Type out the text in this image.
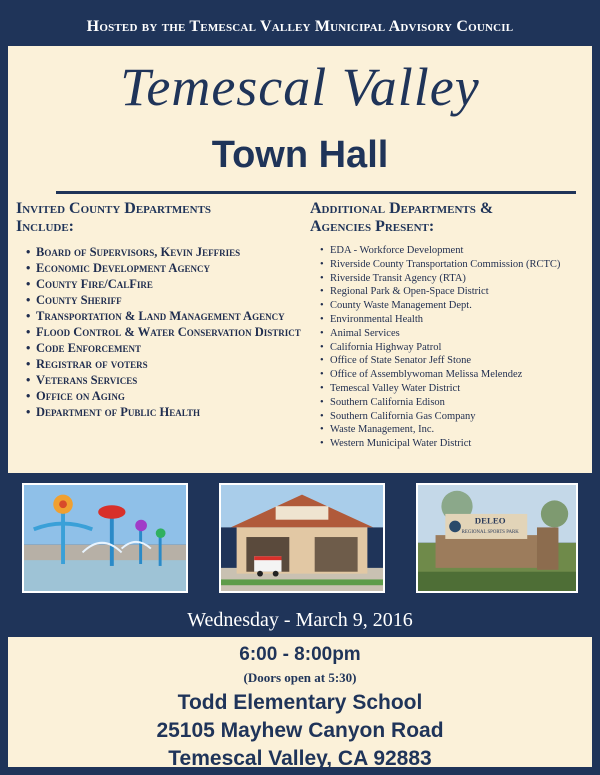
Hosted by the Temescal Valley Municipal Advisory Council
Temescal Valley
Town Hall
Invited County Departments
Include:
• Board of Supervisors, Kevin Jeffries
• Economic Development Agency
• County Fire/CalFire
• County Sheriff
• Transportation & Land Management Agency
• Flood Control & Water Conservation District
• Code Enforcement
• Registrar of voters
• Veterans Services
• Office on Aging
• Department of Public Health
Additional Departments &
Agencies Present:
• EDA - Workforce Development
• Riverside County Transportation Commission (RCTC)
• Riverside Transit Agency (RTA)
• Regional Park & Open-Space District
• County Waste Management Dept.
• Environmental Health
• Animal Services
• California Highway Patrol
• Office of State Senator Jeff Stone
• Office of Assemblywoman Melissa Melendez
• Temescal Valley Water District
• Southern California Edison
• Southern California Gas Company
• Waste Management, Inc.
• Western Municipal Water District
DELEO
REGIONAL SPORTS PARK
Wednesday - March 9, 2016
6:00 - 8:00pm
(Doors open at 5:30)
Todd Elementary School
25105 Mayhew Canyon Road
Temescal Valley, CA 92883
